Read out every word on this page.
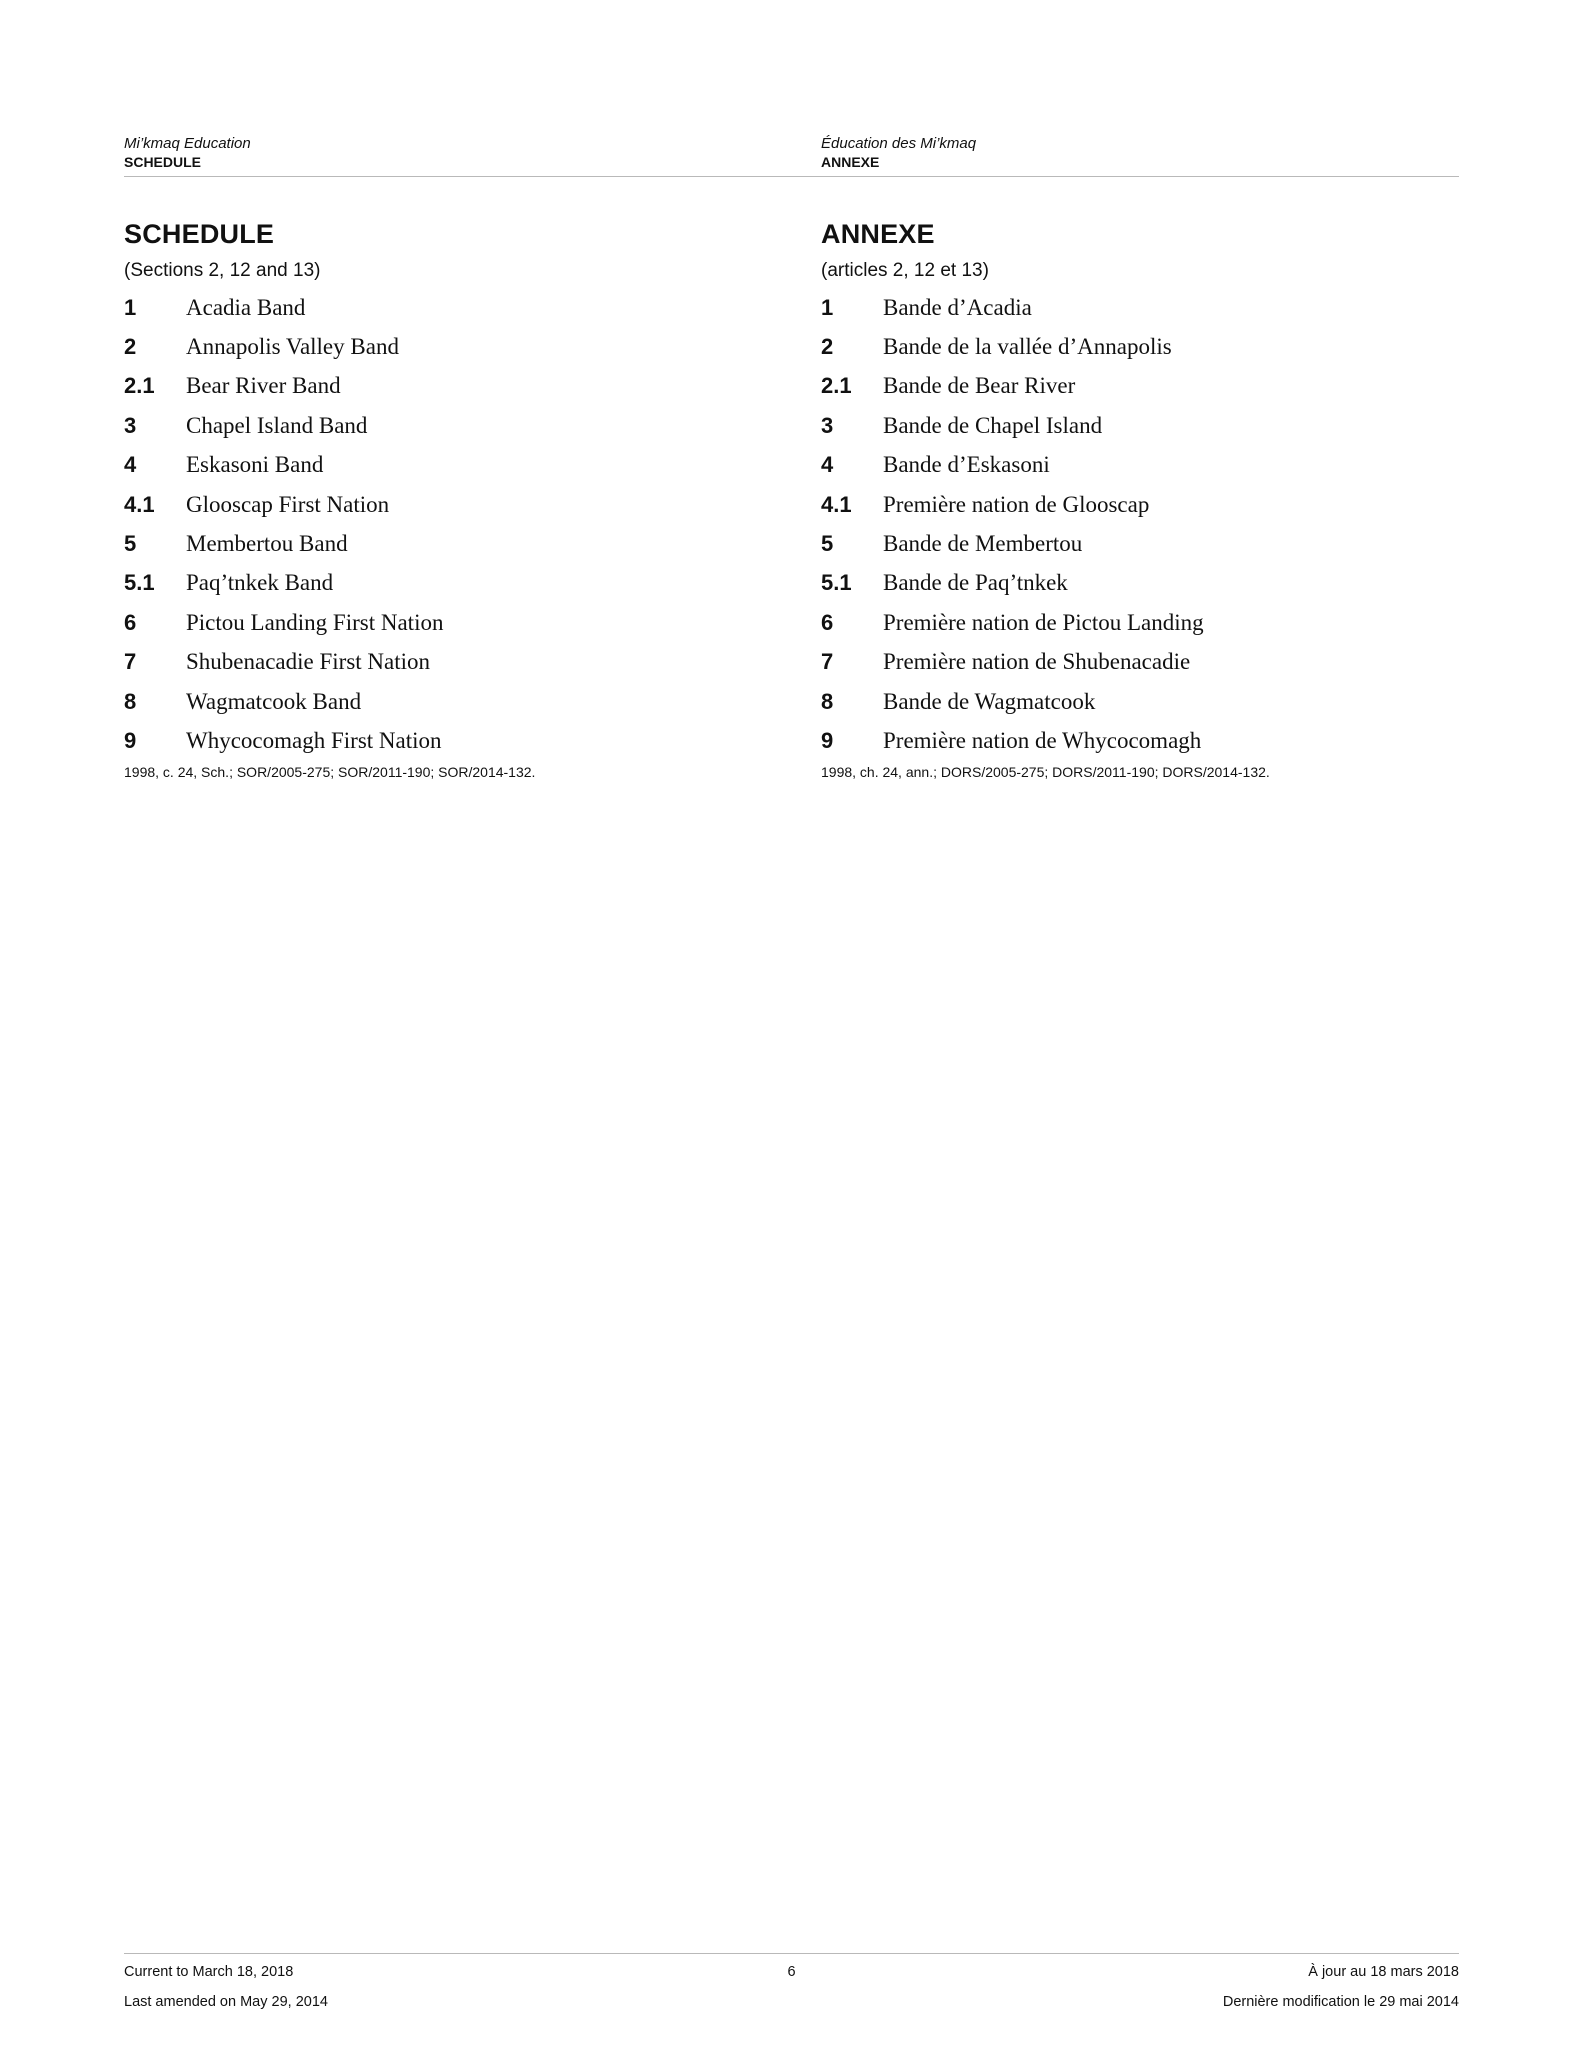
Mi’kmaq Education
SCHEDULE
Éducation des Mi’kmaq
ANNEXE
SCHEDULE
(Sections 2, 12 and 13)
1	Acadia Band
2	Annapolis Valley Band
2.1	Bear River Band
3	Chapel Island Band
4	Eskasoni Band
4.1	Glooscap First Nation
5	Membertou Band
5.1	Paq’tnkek Band
6	Pictou Landing First Nation
7	Shubenacadie First Nation
8	Wagmatcook Band
9	Whycocomagh First Nation
1998, c. 24, Sch.; SOR/2005-275; SOR/2011-190; SOR/2014-132.
ANNEXE
(articles 2, 12 et 13)
1	Bande d’Acadia
2	Bande de la vallée d’Annapolis
2.1	Bande de Bear River
3	Bande de Chapel Island
4	Bande d’Eskasoni
4.1	Première nation de Glooscap
5	Bande de Membertou
5.1	Bande de Paq’tnkek
6	Première nation de Pictou Landing
7	Première nation de Shubenacadie
8	Bande de Wagmatcook
9	Première nation de Whycocomagh
1998, ch. 24, ann.; DORS/2005-275; DORS/2011-190; DORS/2014-132.
Current to March 18, 2018	6	À jour au 18 mars 2018
Last amended on May 29, 2014	Dernière modification le 29 mai 2014
